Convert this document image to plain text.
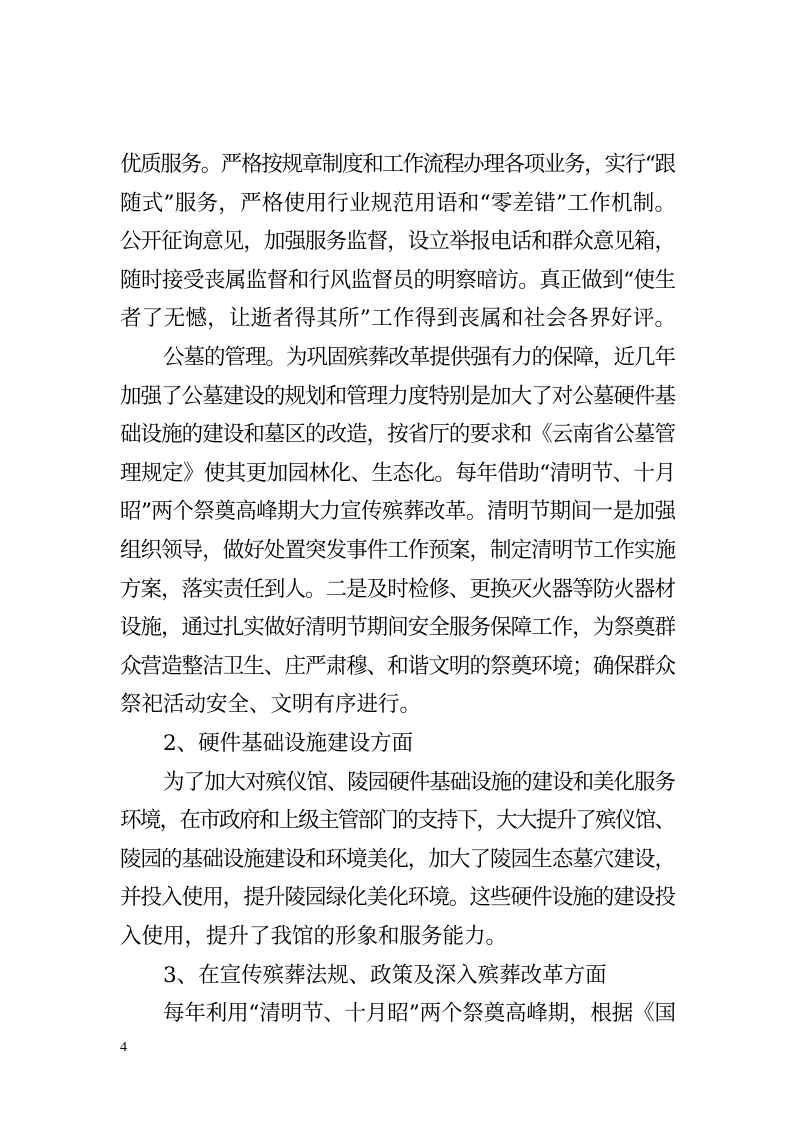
优质服务。严格按规章制度和工作流程办理各项业务，实行“跟
随式”服务，严格使用行业规范用语和“零差错”工作机制。
公开征询意见，加强服务监督，设立举报电话和群众意见箱，
随时接受丧属监督和行风监督员的明察暗访。真正做到“使生
者了无憾，让逝者得其所”工作得到丧属和社会各界好评。
公墓的管理。为巩固殡葬改革提供强有力的保障，近几年
加强了公墓建设的规划和管理力度特别是加大了对公墓硬件基
础设施的建设和墓区的改造，按省厅的要求和《云南省公墓管
理规定》使其更加园林化、生态化。每年借助“清明节、十月
昭”两个祭奠高峰期大力宣传殡葬改革。清明节期间一是加强
组织领导，做好处置突发事件工作预案，制定清明节工作实施
方案，落实责任到人。二是及时检修、更换灭火器等防火器材
设施，通过扎实做好清明节期间安全服务保障工作，为祭奠群
众营造整洁卫生、庄严肃穆、和谐文明的祭奠环境；确保群众
祭祀活动安全、文明有序进行。
2、硬件基础设施建设方面
为了加大对殡仪馆、陵园硬件基础设施的建设和美化服务
环境，在市政府和上级主管部门的支持下，大大提升了殡仪馆、
陵园的基础设施建设和环境美化，加大了陵园生态墓穴建设，
并投入使用，提升陵园绿化美化环境。这些硬件设施的建设投
入使用，提升了我馆的形象和服务能力。
3、在宣传殡葬法规、政策及深入殡葬改革方面
每年利用“清明节、十月昭”两个祭奠高峰期，根据《国
4
